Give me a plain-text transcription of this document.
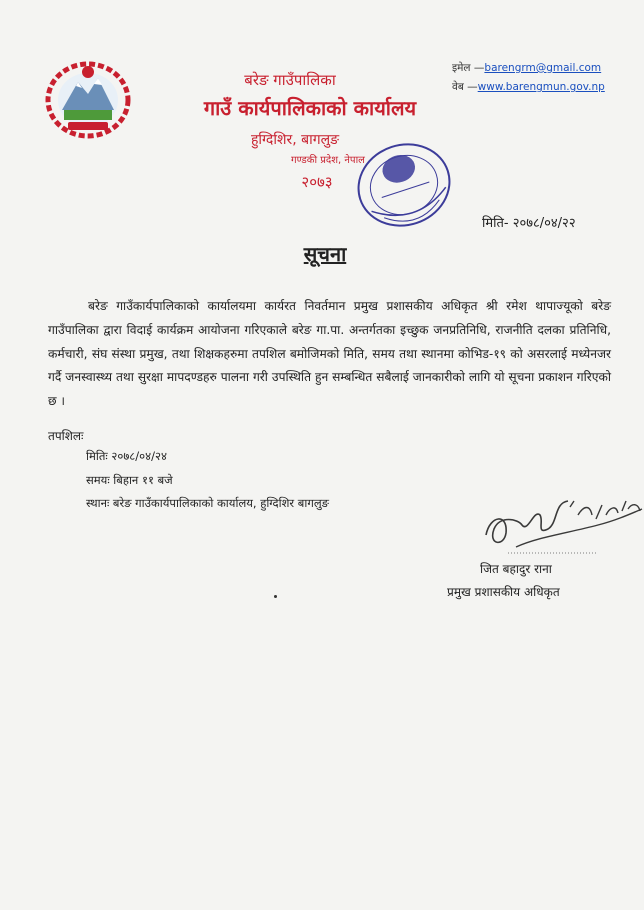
बरेङ गाउँपालिका
गाउँ कार्यपालिकाको कार्यालय
हुग्दिशिर, बागलुङ
गण्डकी प्रदेश, नेपाल
२०७३
इमेल —barengrm@gmail.com
वेब —www.barengmun.gov.np
मिति- २०७८/०४/२२
सूचना
बरेङ गाउँकार्यपालिकाको कार्यालयमा कार्यरत निवर्तमान प्रमुख प्रशासकीय अधिकृत श्री रमेश थापाज्यूको बरेङ गाउँपालिका द्वारा विदाई कार्यक्रम आयोजना गरिएकाले बरेङ गा.पा. अन्तर्गतका इच्छुक जनप्रतिनिधि, राजनीति दलका प्रतिनिधि, कर्मचारी, संघ संस्था प्रमुख, तथा शिक्षकहरुमा तपशिल बमोजिमको मिति, समय तथा स्थानमा कोभिड-१९ को असरलाई मध्येनजर गर्दै जनस्वास्थ्य तथा सुरक्षा मापदण्डहरु पालना गरी उपस्थिति हुन सम्बन्धित सबैलाई जानकारीको लागि यो सूचना प्रकाशन गरिएको छ ।
तपशिलः
मितिः २०७८/०४/२४
समयः बिहान ११ बजे
स्थानः बरेङ गाउँकार्यपालिकाको कार्यालय, हुग्दिशिर बागलुङ
जित बहादुर राना
प्रमुख प्रशासकीय अधिकृत
